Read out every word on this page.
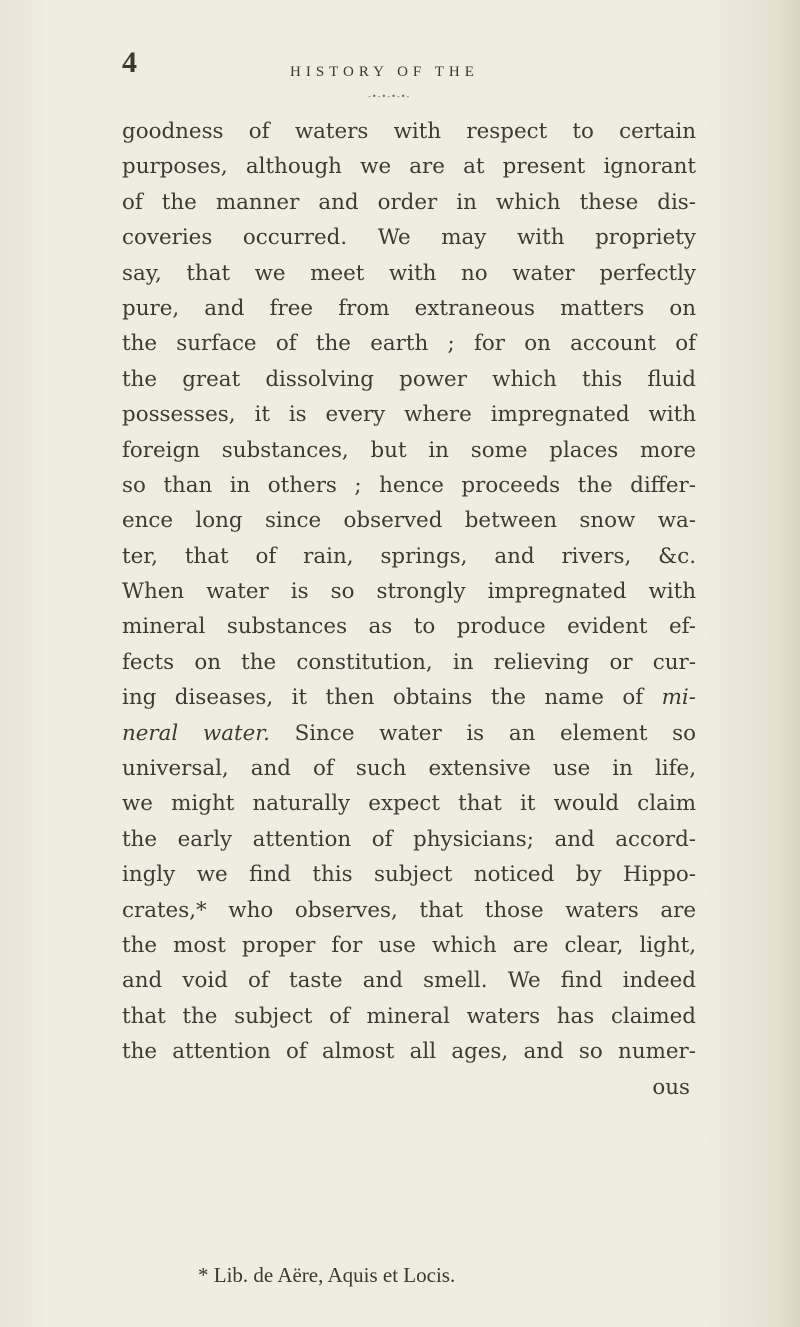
4	HISTORY OF THE
-•-•-•-•-
goodness of waters with respect to certain
purposes, although we are at present ignorant
of the manner and order in which these dis-
coveries occurred. We may with propriety
say, that we meet with no water perfectly
pure, and free from extraneous matters on
the surface of the earth ; for on account of
the great dissolving power which this fluid
possesses, it is every where impregnated with
foreign substances, but in some places more
so than in others ; hence proceeds the differ-
ence long since observed between snow wa-
ter, that of rain, springs, and rivers, &c.
When water is so strongly impregnated with
mineral substances as to produce evident ef-
fects on the constitution, in relieving or cur-
ing diseases, it then obtains the name of mi-
neral water. Since water is an element so
universal, and of such extensive use in life,
we might naturally expect that it would claim
the early attention of physicians; and accord-
ingly we find this subject noticed by Hippo-
crates,* who observes, that those waters are
the most proper for use which are clear, light,
and void of taste and smell. We find indeed
that the subject of mineral waters has claimed
the attention of almost all ages, and so numer-
ous
* Lib. de Aëre, Aquis et Locis.
